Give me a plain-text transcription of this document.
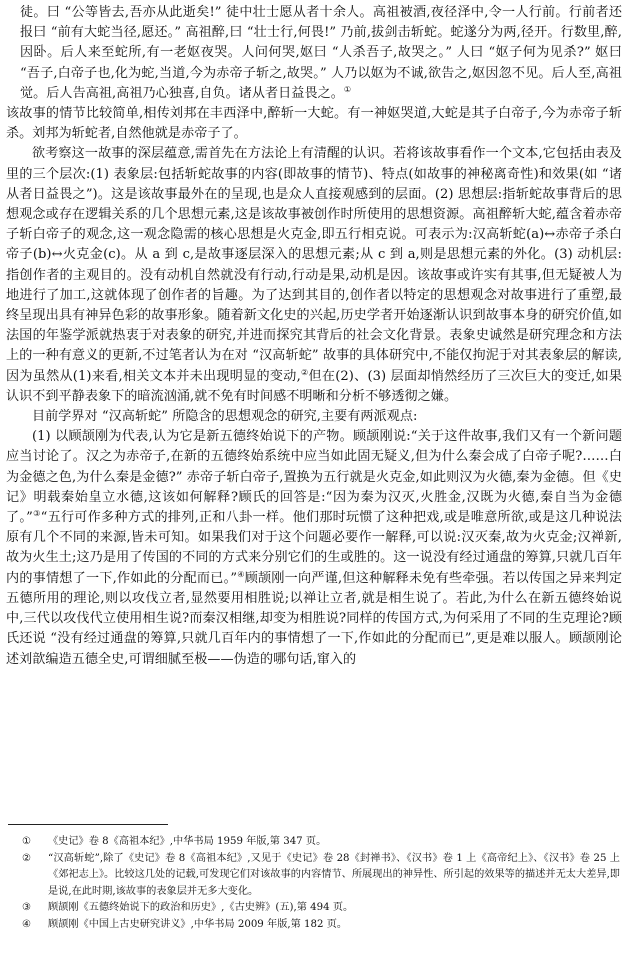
徒。曰 “公等皆去,吾亦从此逝矣!” 徒中壮士愿从者十余人。高祖被酒,夜径泽中,令一人行前。行前者还报曰 “前有大蛇当径,愿还。” 高祖醉,曰 “壮士行,何畏!” 乃前,拔剑击斩蛇。蛇遂分为两,径开。行数里,醉,因卧。后人来至蛇所,有一老妪夜哭。人问何哭,妪曰 “人杀吾子,故哭之。” 人曰 “妪子何为见杀?” 妪曰 “吾子,白帝子也,化为蛇,当道,今为赤帝子斩之,故哭。” 人乃以妪为不诚,欲告之,妪因忽不见。后人至,高祖觉。后人告高祖,高祖乃心独喜,自负。诸从者日益畏之。①

该故事的情节比较简单,相传刘邦在丰西泽中,醉斩一大蛇。有一神妪哭道,大蛇是其子白帝子,今为赤帝子斩杀。刘邦为斩蛇者,自然他就是赤帝子了。

欲考察这一故事的深层蕴意,需首先在方法论上有清醒的认识。若将该故事看作一个文本,它包括由表及里的三个层次:(1) 表象层:包括斩蛇故事的内容(即故事的情节)、特点(如故事的神秘离奇性)和效果(如 “诸从者日益畏之”)。这是该故事最外在的呈现,也是众人直接观感到的层面。(2) 思想层:指斩蛇故事背后的思想观念或存在逻辑关系的几个思想元素,这是该故事被创作时所使用的思想资源。高祖醉斩大蛇,蕴含着赤帝子斩白帝子的观念,这一观念隐需的核心思想是火克金,即五行相克说。可表示为:汉高斩蛇(a)↔赤帝子杀白帝子(b)↔火克金(c)。从 a 到 c,是故事逐层深入的思想元素;从 c 到 a,则是思想元素的外化。(3) 动机层:指创作者的主观目的。没有动机自然就没有行动,行动是果,动机是因。该故事或许实有其事,但无疑被人为地进行了加工,这就体现了创作者的旨趣。为了达到其目的,创作者以特定的思想观念对故事进行了重塑,最终呈现出具有神异色彩的故事形象。随着新文化史的兴起,历史学者开始逐渐认识到故事本身的研究价值,如法国的年鉴学派就热衷于对表象的研究,并进而探究其背后的社会文化背景。表象史诚然是研究理念和方法上的一种有意义的更新,不过笔者认为在对 “汉高斩蛇” 故事的具体研究中,不能仅拘泥于对其表象层的解读,因为虽然从(1)来看,相关文本并未出现明显的变动,②但在(2)、(3) 层面却悄然经历了三次巨大的变迁,如果认识不到平静表象下的暗流汹涌,就不免有时间感不明晰和分析不够透彻之嫌。

目前学界对 “汉高斩蛇” 所隐含的思想观念的研究,主要有两派观点:

(1) 以顾颉刚为代表,认为它是新五德终始说下的产物。顾颉刚说:“关于这件故事,我们又有一个新问题应当讨论了。汉之为赤帝子,在新的五德终始系统中应当如此固无疑义,但为什么秦会成了白帝子呢?……白为金德之色,为什么秦是金德?” 赤帝子斩白帝子,置换为五行就是火克金,如此则汉为火德,秦为金德。但《史记》明载秦始皇立水德,这该如何解释?顾氏的回答是:“因为秦为汉灭,火胜金,汉既为火德,秦自当为金德了。”③“五行可作多种方式的排列,正和八卦一样。他们那时玩惯了这种把戏,或是唯意所欲,或是这几种说法原有几个不同的来源,皆未可知。如果我们对于这个问题必要作一解释,可以说:汉灭秦,故为火克金;汉禅新,故为火生土;这乃是用了传国的不同的方式来分别它们的生或胜的。这一说没有经过通盘的筹算,只就几百年内的事情想了一下,作如此的分配而已。”④顾颉刚一向严谨,但这种解释未免有些牵强。若以传国之异来判定五德所用的理论,则以攻伐立者,显然要用相胜说;以禅让立者,就是相生说了。若此,为什么在新五德终始说中,三代以攻伐代立使用相生说?而秦汉相继,却变为相胜说?同样的传国方式,为何采用了不同的生克理论?顾氏还说 “没有经过通盘的筹算,只就几百年内的事情想了一下,作如此的分配而已”,更是难以服人。顾颉刚论述刘歆编造五德全史,可谓细腻至极——伪造的哪句话,窜入的

①	《史记》卷 8《高祖本纪》,中华书局 1959 年版,第 347 页。
②	“汉高斩蛇”,除了《史记》卷 8《高祖本纪》,又见于《史记》卷 28《封禅书》、《汉书》卷 1 上《高帝纪上》、《汉书》卷 25 上《郊祀志上》。比较这几处的记载,可发现它们对该故事的内容情节、所展现出的神异性、所引起的效果等的描述并无太大差异,即是说,在此时期,该故事的表象层并无多大变化。
③	顾颉刚《五德终始说下的政治和历史》,《古史辨》(五),第 494 页。
④	顾颉刚《中国上古史研究讲义》,中华书局 2009 年版,第 182 页。
